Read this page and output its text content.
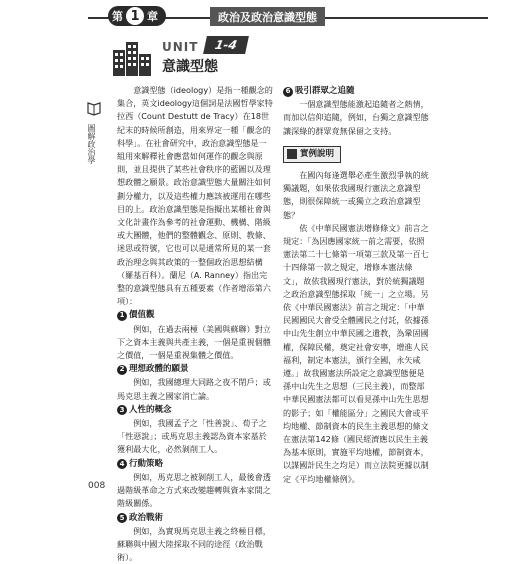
第 1 章	政治及政治意識型態
UNIT	1-4
意識型態
圖解政治學

意識型態（ideology）是指一種觀念的集合，英文ideology這個詞是法國哲學家特拉西（Count Destutt de Tracy）在18世紀末的時候所創造，用來界定一種「觀念的科學」。在社會研究中，政治意識型態是一組用來解釋社會應當如何運作的觀念與原則，並且提供了某些社會秩序的藍圖以及理想政體之願景。政治意識型態大量關注如何劃分權力，以及這些權力應該被運用在哪些目的上。政治意識型態是指擬出某種社會與文化計畫作為參考的社會運動、機構、階級或大團體，他們的整體觀念、原則、教條、迷思或符號，它也可以是通常所見的某一套政治理念與其政策的一整個政治思想結構（羅基百科）。蘭尼（A. Ranney）指出完整的意識型態具有五種要素（作者增添第六項）：

1 價值觀

例如，在過去兩極（美國與蘇聯）對立下之資本主義與共產主義，一個是重視個體之價值，一個是重視集體之價值。

2 理想政體的願景

例如，我國總理大同路之夜不閉戶；或馬克思主義之國家消亡論。

3 人性的概念

例如，我國孟子之「性善說」、荀子之「性惡說」；或馬克思主義認為資本家基於獲利最大化，必然剝削工人。

4 行動策略

例如，馬克思之被剝削工人，最後會透過階級革命之方式來改變趨轉與資本家間之階級關係。

5 政治戰術

例如，為實現馬克思主義之終極目標，蘇聯與中國大陸採取不同的途徑（政治戰術）。

6 吸引群眾之追隨

一個意識型態能激起追隨者之熱情，而加以信仰追隨，例如，台獨之意識型態讓深綠的群眾竟無保留之支持。

實例說明

在國內每逢選舉必產生激烈爭執的統獨議題，如果依我國現行憲法之意識型態，則很保障統一或獨立之政治意識型態？

依《中華民國憲法增修條文》前言之規定：「為因應國家統一前之需要，依照憲法第二十七條第一項第三款及第一百七十四條第一款之規定，增修本憲法條文」，故依我國現行憲法，對於統獨議題之政治意識型態採取「統一」之立場。另依《中華民國憲法》前言之規定：「中華民國國民大會受全體國民之付託，依據孫中山先生創立中華民國之遺教，為鞏固國權，保障民權，奠定社會安寧，增進人民福利，制定本憲法，頒行全國，永矢咸遵。」故我國憲法所設定之意識型態便是孫中山先生之思想（三民主義），而整部中華民國憲法都可以看見孫中山先生思想的影子；如「權能區分」之國民大會或平均地權、節制資本的民生主義思想的條文在憲法第142條（國民經濟應以民生主義為基本原則，實施平均地權，節制資本，以謀國計民生之均足）而立法院更據以制定《平均地權條例》。

008
